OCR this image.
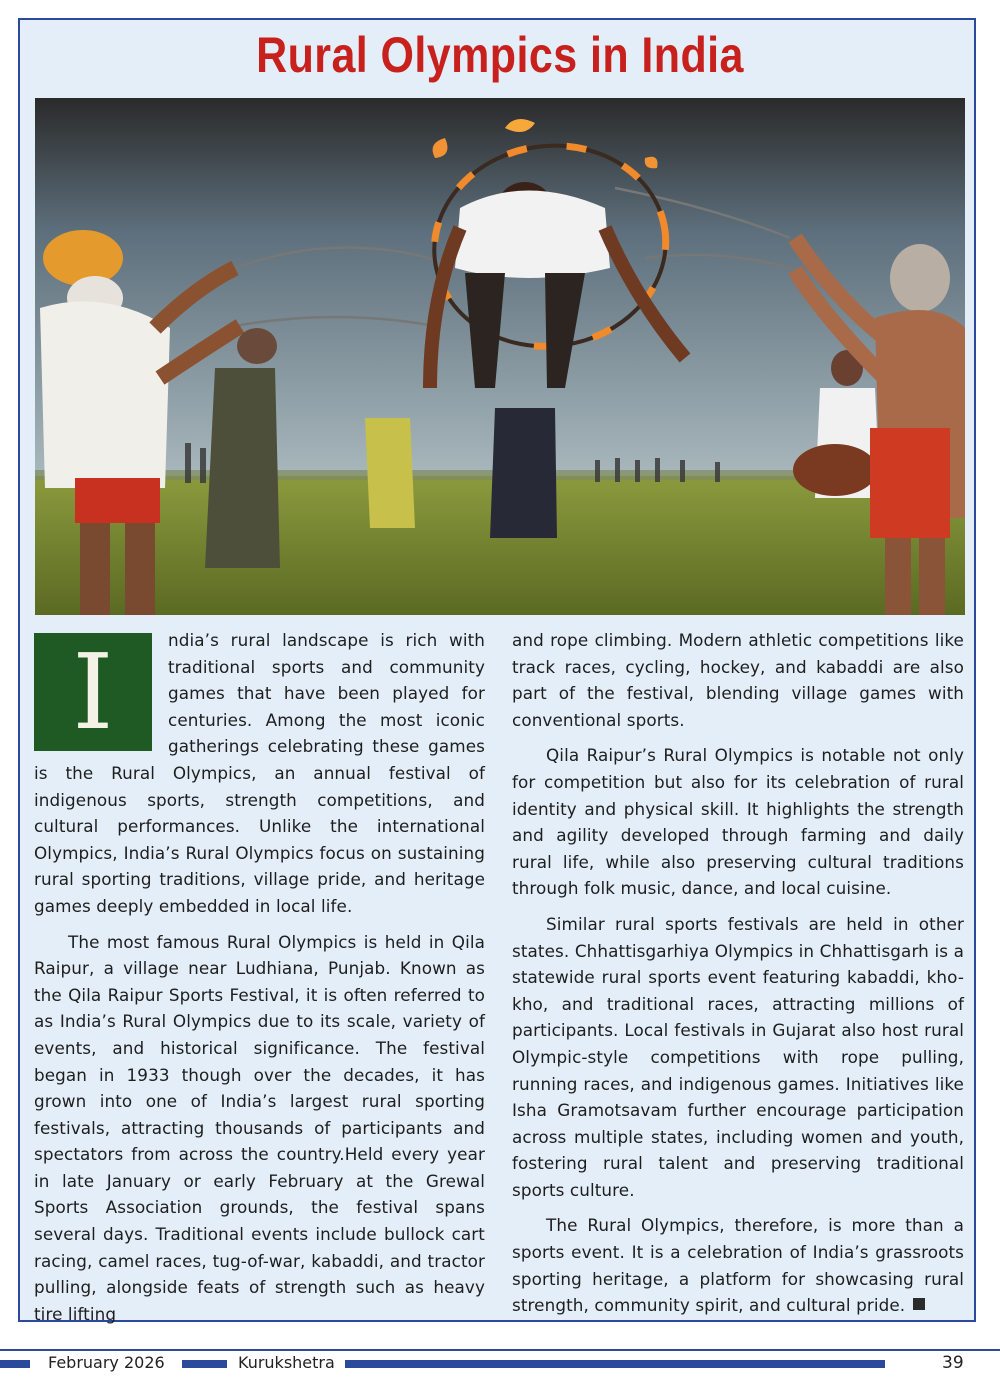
Rural Olympics in India

I	ndia’s rural landscape is rich with traditional sports and community games that have been played for centuries. Among the most iconic gatherings celebrating these games is the Rural Olympics, an annual festival of indigenous sports, strength competitions, and cultural performances. Unlike the international Olympics, India’s Rural Olympics focus on sustaining rural sporting traditions, village pride, and heritage games deeply embedded in local life.

The most famous Rural Olympics is held in Qila Raipur, a village near Ludhiana, Punjab. Known as the Qila Raipur Sports Festival, it is often referred to as India’s Rural Olympics due to its scale, variety of events, and historical significance. The festival began in 1933 though over the decades, it has grown into one of India’s largest rural sporting festivals, attracting thousands of participants and spectators from across the country.Held every year in late January or early February at the Grewal Sports Association grounds, the festival spans several days. Traditional events include bullock cart racing, camel races, tug-of-war, kabaddi, and tractor pulling, alongside feats of strength such as heavy tire lifting

and rope climbing. Modern athletic competitions like track races, cycling, hockey, and kabaddi are also part of the festival, blending village games with conventional sports.

Qila Raipur’s Rural Olympics is notable not only for competition but also for its celebration of rural identity and physical skill. It highlights the strength and agility developed through farming and daily rural life, while also preserving cultural traditions through folk music, dance, and local cuisine.

Similar rural sports festivals are held in other states. Chhattisgarhiya Olympics in Chhattisgarh is a statewide rural sports event featuring kabaddi, kho-kho, and traditional races, attracting millions of participants. Local festivals in Gujarat also host rural Olympic-style competitions with rope pulling, running races, and indigenous games. Initiatives like Isha Gramotsavam further encourage participation across multiple states, including women and youth, fostering rural talent and preserving traditional sports culture.

The Rural Olympics, therefore, is more than a sports event. It is a celebration of India’s grassroots sporting heritage, a platform for showcasing rural strength, community spirit, and cultural pride.

February 2026	Kurukshetra	39
